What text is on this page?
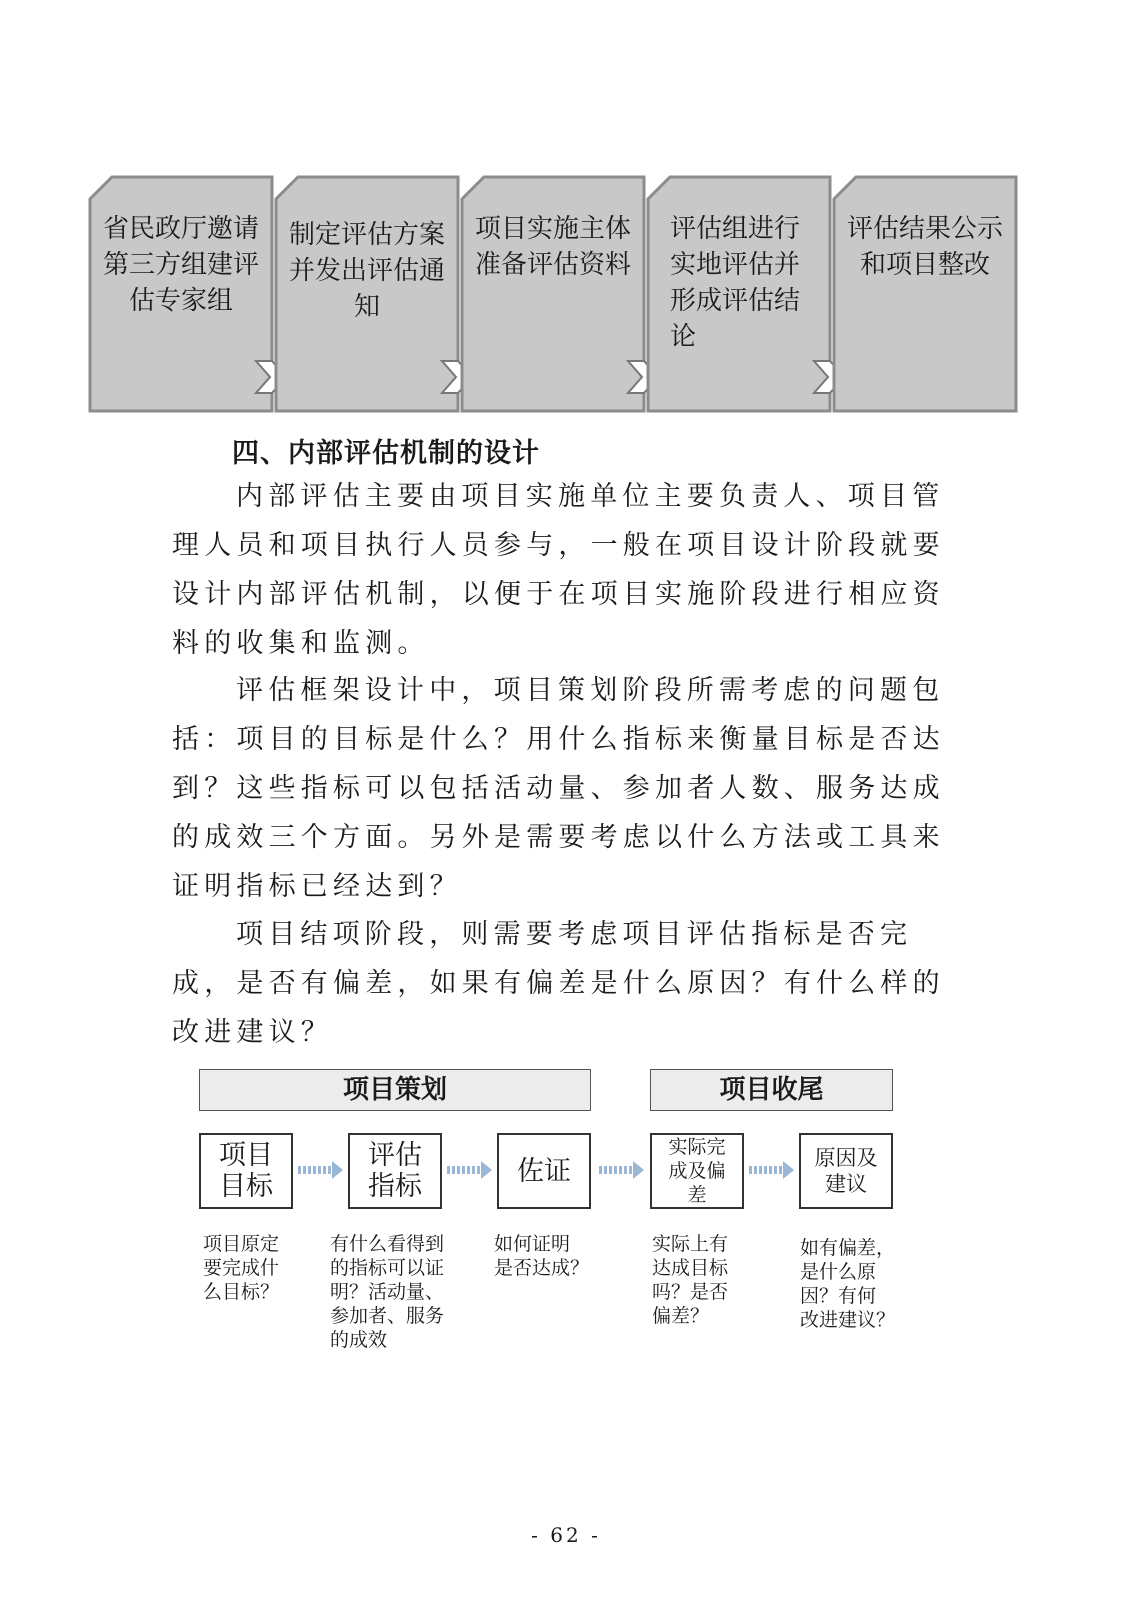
省民政厅邀请第三方组建评估专家组
制定评估方案并发出评估通知
项目实施主体准备评估资料
评估组进行实地评估并形成评估结论
评估结果公示和项目整改
四、内部评估机制的设计

内部评估主要由项目实施单位主要负责人、项目管理人员和项目执行人员参与，一般在项目设计阶段就要设计内部评估机制，以便于在项目实施阶段进行相应资料的收集和监测。

评估框架设计中，项目策划阶段所需考虑的问题包括：项目的目标是什么？用什么指标来衡量目标是否达到？这些指标可以包括活动量、参加者人数、服务达成的成效三个方面。另外是需要考虑以什么方法或工具来证明指标已经达到？

项目结项阶段，则需要考虑项目评估指标是否完成，是否有偏差，如果有偏差是什么原因？有什么样的改进建议？

项目策划	项目收尾
项目
目标
评估
指标	佐证
实际完
成及偏
差
原因及
建议
项目原定
要完成什
么目标？
有什么看得到
的指标可以证
明？活动量、
参加者、服务
的成效
如何证明
是否达成？
实际上有
达成目标
吗？是否
偏差？
如有偏差，
是什么原
因？有何
改进建议？
- 62 -
